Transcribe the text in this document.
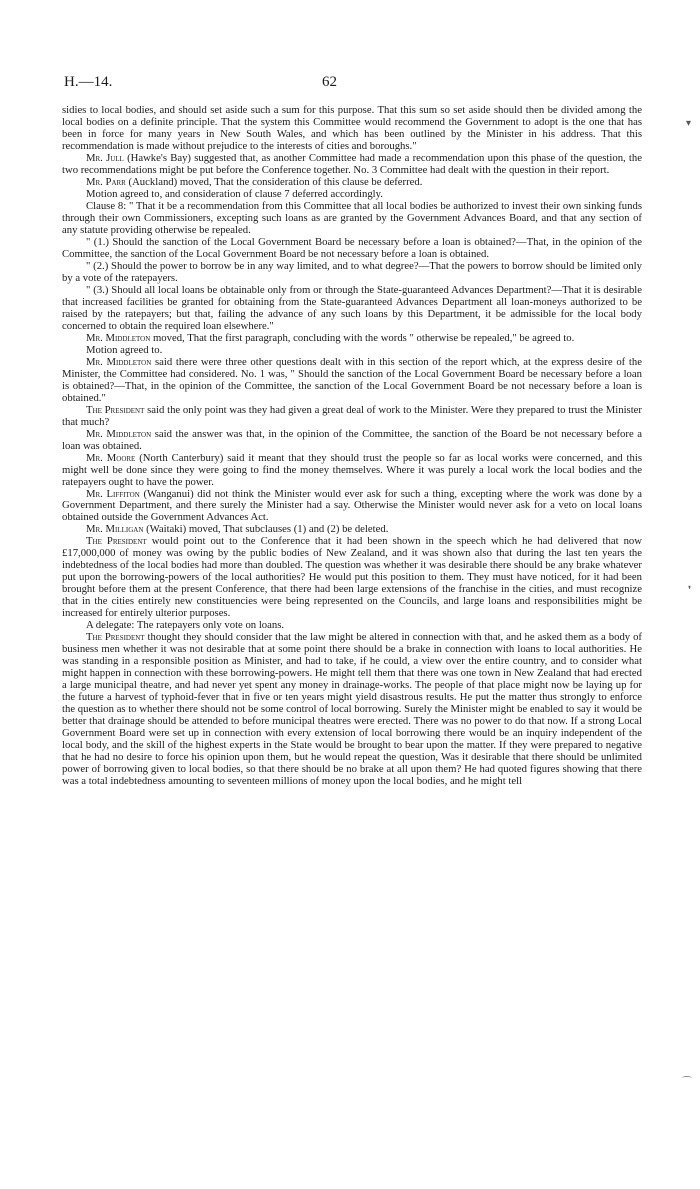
H.—14.	62

sidies to local bodies, and should set aside such a sum for this purpose. That this sum so set aside should then be divided among the local bodies on a definite principle. That the system this Committee would recommend the Government to adopt is the one that has been in force for many years in New South Wales, and which has been outlined by the Minister in his address. That this recommendation is made without prejudice to the interests of cities and boroughs."

Mr. Jull (Hawke's Bay) suggested that, as another Committee had made a recommendation upon this phase of the question, the two recommendations might be put before the Conference together. No. 3 Committee had dealt with the question in their report.

Mr. Parr (Auckland) moved, That the consideration of this clause be deferred.

Motion agreed to, and consideration of clause 7 deferred accordingly.

Clause 8: " That it be a recommendation from this Committee that all local bodies be authorized to invest their own sinking funds through their own Commissioners, excepting such loans as are granted by the Government Advances Board, and that any section of any statute providing otherwise be repealed.

" (1.) Should the sanction of the Local Government Board be necessary before a loan is obtained?—That, in the opinion of the Committee, the sanction of the Local Government Board be not necessary before a loan is obtained.

" (2.) Should the power to borrow be in any way limited, and to what degree?—That the powers to borrow should be limited only by a vote of the ratepayers.

" (3.) Should all local loans be obtainable only from or through the State-guaranteed Advances Department?—That it is desirable that increased facilities be granted for obtaining from the State-guaranteed Advances Department all loan-moneys authorized to be raised by the ratepayers; but that, failing the advance of any such loans by this Department, it be admissible for the local body concerned to obtain the required loan elsewhere."

Mr. Middleton moved, That the first paragraph, concluding with the words " otherwise be repealed," be agreed to.

Motion agreed to.

Mr. Middleton said there were three other questions dealt with in this section of the report which, at the express desire of the Minister, the Committee had considered. No. 1 was, " Should the sanction of the Local Government Board be necessary before a loan is obtained?—That, in the opinion of the Committee, the sanction of the Local Government Board be not necessary before a loan is obtained."

The President said the only point was they had given a great deal of work to the Minister. Were they prepared to trust the Minister that much?

Mr. Middleton said the answer was that, in the opinion of the Committee, the sanction of the Board be not necessary before a loan was obtained.

Mr. Moore (North Canterbury) said it meant that they should trust the people so far as local works were concerned, and this might well be done since they were going to find the money themselves. Where it was purely a local work the local bodies and the ratepayers ought to have the power.

Mr. Liffiton (Wanganui) did not think the Minister would ever ask for such a thing, excepting where the work was done by a Government Department, and there surely the Minister had a say. Otherwise the Minister would never ask for a veto on local loans obtained outside the Government Advances Act.

Mr. Milligan (Waitaki) moved, That subclauses (1) and (2) be deleted.

The President would point out to the Conference that it had been shown in the speech which he had delivered that now £17,000,000 of money was owing by the public bodies of New Zealand, and it was shown also that during the last ten years the indebtedness of the local bodies had more than doubled. The question was whether it was desirable there should be any brake whatever put upon the borrowing-powers of the local authorities? He would put this position to them. They must have noticed, for it had been brought before them at the present Conference, that there had been large extensions of the franchise in the cities, and must recognize that in the cities entirely new constituencies were being represented on the Councils, and large loans and responsibilities might be increased for entirely ulterior purposes.

A delegate: The ratepayers only vote on loans.

The President thought they should consider that the law might be altered in connection with that, and he asked them as a body of business men whether it was not desirable that at some point there should be a brake in connection with loans to local authorities. He was standing in a responsible position as Minister, and had to take, if he could, a view over the entire country, and to consider what might happen in connection with these borrowing-powers. He might tell them that there was one town in New Zealand that had erected a large municipal theatre, and had never yet spent any money in drainage-works. The people of that place might now be laying up for the future a harvest of typhoid-fever that in five or ten years might yield disastrous results. He put the matter thus strongly to enforce the question as to whether there should not be some control of local borrowing. Surely the Minister might be enabled to say it would be better that drainage should be attended to before municipal theatres were erected. There was no power to do that now. If a strong Local Government Board were set up in connection with every extension of local borrowing there would be an inquiry independent of the local body, and the skill of the highest experts in the State would be brought to bear upon the matter. If they were prepared to negative that he had no desire to force his opinion upon them, but he would repeat the question, Was it desirable that there should be unlimited power of borrowing given to local bodies, so that there should be no brake at all upon them? He had quoted figures showing that there was a total indebtedness amounting to seventeen millions of money upon the local bodies, and he might tell

▾
❜
⌒
